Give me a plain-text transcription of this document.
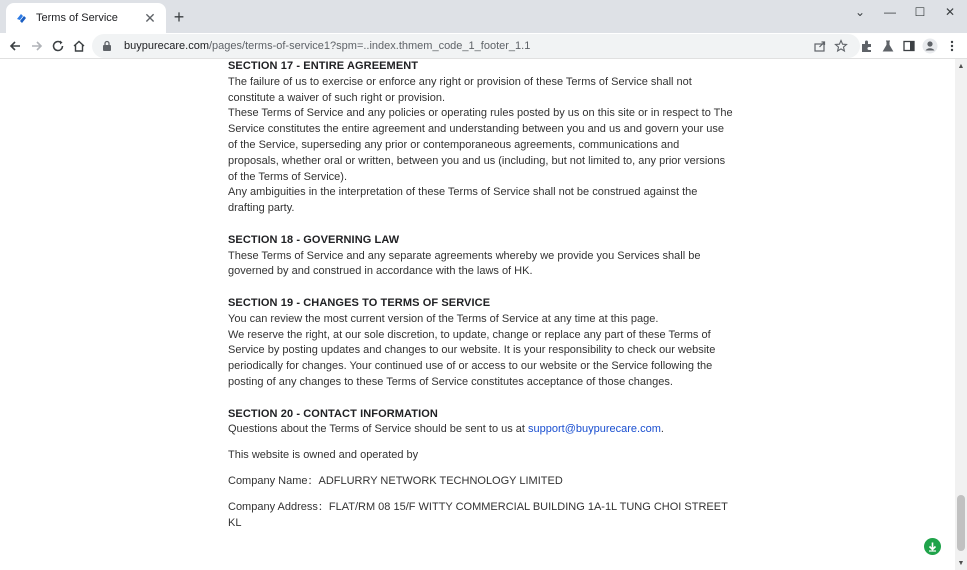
Terms of Service	✕ +	⌄	—	☐	✕
buypurecare.com/pages/terms-of-service1?spm=..index.thmem_code_1_footer_1.1
SECTION 17 - ENTIRE AGREEMENT
The failure of us to exercise or enforce any right or provision of these Terms of Service shall not constitute a waiver of such right or provision.
These Terms of Service and any policies or operating rules posted by us on this site or in respect to The Service constitutes the entire agreement and understanding between you and us and govern your use of the Service, superseding any prior or contemporaneous agreements, communications and proposals, whether oral or written, between you and us (including, but not limited to, any prior versions of the Terms of Service).
Any ambiguities in the interpretation of these Terms of Service shall not be construed against the drafting party.
SECTION 18 - GOVERNING LAW
These Terms of Service and any separate agreements whereby we provide you Services shall be governed by and construed in accordance with the laws of HK.
SECTION 19 - CHANGES TO TERMS OF SERVICE
You can review the most current version of the Terms of Service at any time at this page.
We reserve the right, at our sole discretion, to update, change or replace any part of these Terms of Service by posting updates and changes to our website. It is your responsibility to check our website periodically for changes. Your continued use of or access to our website or the Service following the posting of any changes to these Terms of Service constitutes acceptance of those changes.
SECTION 20 - CONTACT INFORMATION
Questions about the Terms of Service should be sent to us at support@buypurecare.com.
This website is owned and operated by
Company Name：ADFLURRY NETWORK TECHNOLOGY LIMITED
Company Address：FLAT/RM 08 15/F WITTY COMMERCIAL BUILDING 1A-1L TUNG CHOI STREET KL
▲
▼
